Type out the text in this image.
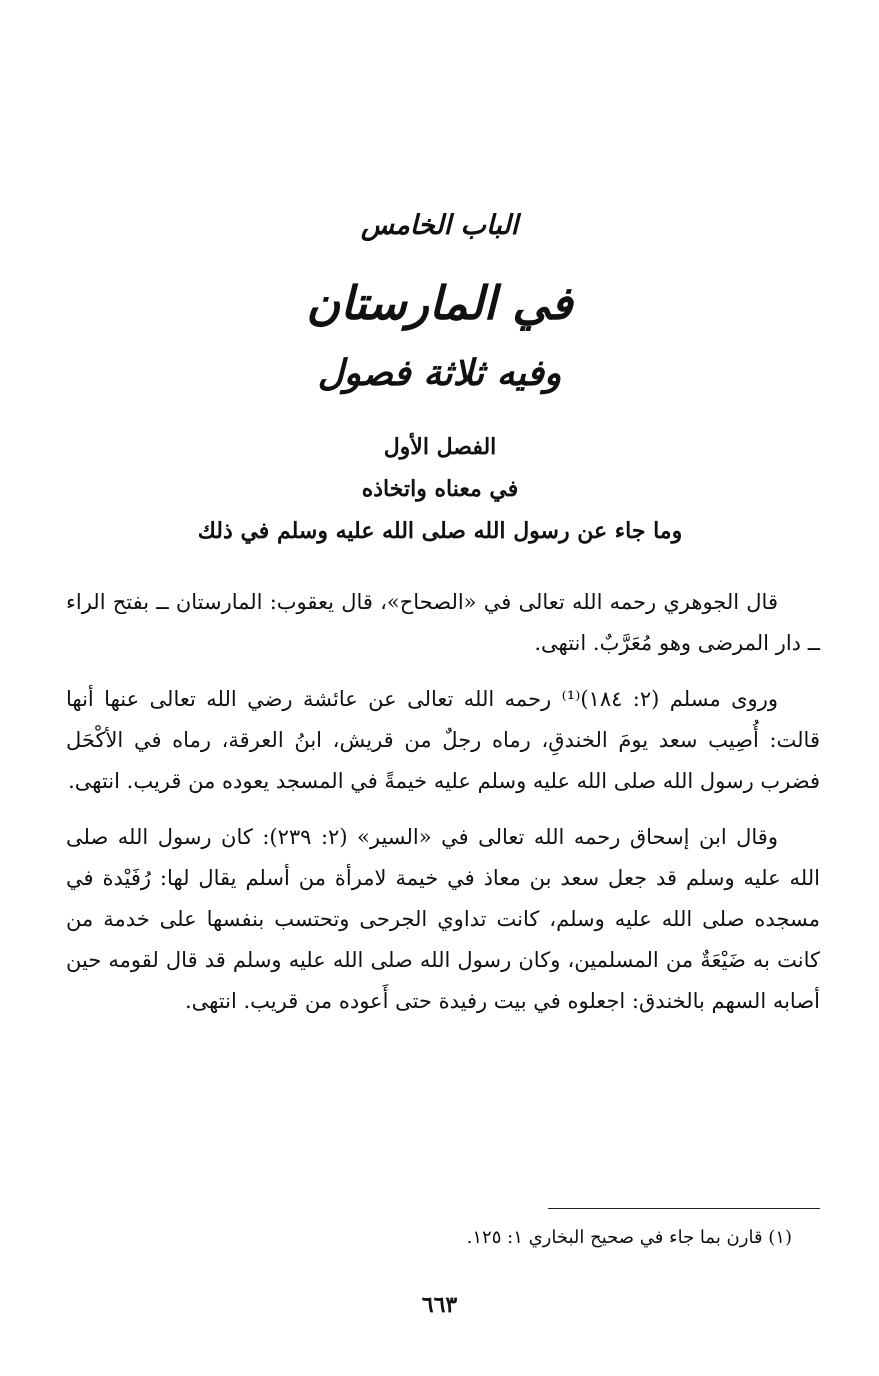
الباب الخامس
في المارستان
وفيه ثلاثة فصول
الفصل الأول
في معناه واتخاذه
وما جاء عن رسول الله صلى الله عليه وسلم في ذلك

قال الجوهري رحمه الله تعالى في «الصحاح»، قال يعقوب: المارستان ــ بفتح الراء ــ دار المرضى وهو مُعَرَّبٌ. انتهى.

وروى مسلم (٢: ١٨٤)⁽¹⁾ رحمه الله تعالى عن عائشة رضي الله تعالى عنها أنها قالت: أُصِيب سعد يومَ الخندقِ، رماه رجلٌ من قريش، ابنُ العرقة، رماه في الأكْحَل فضرب رسول الله صلى الله عليه وسلم عليه خيمةً في المسجد يعوده من قريب. انتهى.

وقال ابن إسحاق رحمه الله تعالى في «السير» (٢: ٢٣٩): كان رسول الله صلى الله عليه وسلم قد جعل سعد بن معاذ في خيمة لامرأة من أسلم يقال لها: رُفَيْدة في مسجده صلى الله عليه وسلم، كانت تداوي الجرحى وتحتسب بنفسها على خدمة من كانت به ضَيْعَةٌ من المسلمين، وكان رسول الله صلى الله عليه وسلم قد قال لقومه حين أصابه السهم بالخندق: اجعلوه في بيت رفيدة حتى أَعوده من قريب. انتهى.

(١) قارن بما جاء في صحيح البخاري ١: ١٢٥.
٦٦٣
